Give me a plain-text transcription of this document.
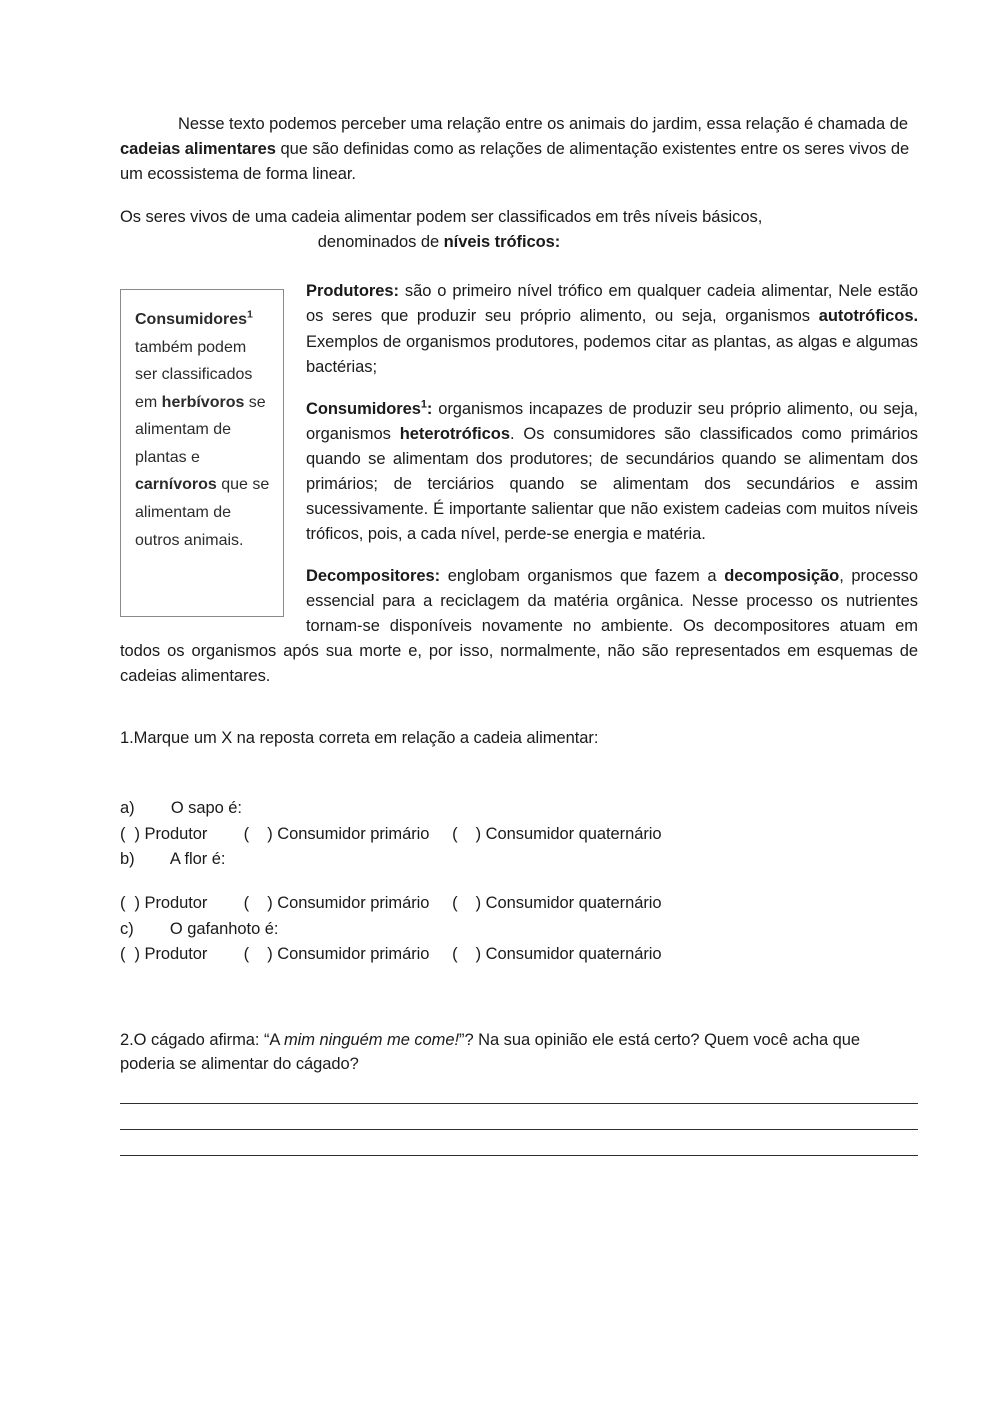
Nesse texto podemos perceber uma relação entre os animais do jardim, essa relação é chamada de cadeias alimentares que são definidas como as relações de alimentação existentes entre os seres vivos de um ecossistema de forma linear.

Os seres vivos de uma cadeia alimentar podem ser classificados em três níveis básicos,
denominados de níveis tróficos:
Consumidores$^1$ também podem ser classificados em herbívoros se alimentam de plantas e carnívoros que se alimentam de outros animais.

Produtores: são o primeiro nível trófico em qualquer cadeia alimentar, Nele estão os seres que produzir seu próprio alimento, ou seja, organismos autotróficos. Exemplos de organismos produtores, podemos citar as plantas, as algas e algumas bactérias;

Consumidores$^1$: organismos incapazes de produzir seu próprio alimento, ou seja, organismos heterotróficos. Os consumidores são classificados como primários quando se alimentam dos produtores; de secundários quando se alimentam dos primários; de terciários quando se alimentam dos secundários e assim sucessivamente. É importante salientar que não existem cadeias com muitos níveis tróficos, pois, a cada nível, perde-se energia e matéria.

Decompositores: englobam organismos que fazem a decomposição, processo essencial para a reciclagem da matéria orgânica. Nesse processo os nutrientes tornam-se disponíveis novamente no ambiente. Os decompositores atuam em todos os organismos após sua morte e, por isso, normalmente, não são representados em esquemas de cadeias alimentares.

1.Marque um X na reposta correta em relação a cadeia alimentar:

a)        O sapo é:

(  ) Produtor        (    ) Consumidor primário     (    ) Consumidor quaternário

b)        A flor é:

(  ) Produtor        (    ) Consumidor primário     (    ) Consumidor quaternário

c)        O gafanhoto é:

(  ) Produtor        (    ) Consumidor primário     (    ) Consumidor quaternário

2.O cágado afirma: “A mim ninguém me come!”? Na sua opinião ele está certo? Quem você acha que poderia se alimentar do cágado?
